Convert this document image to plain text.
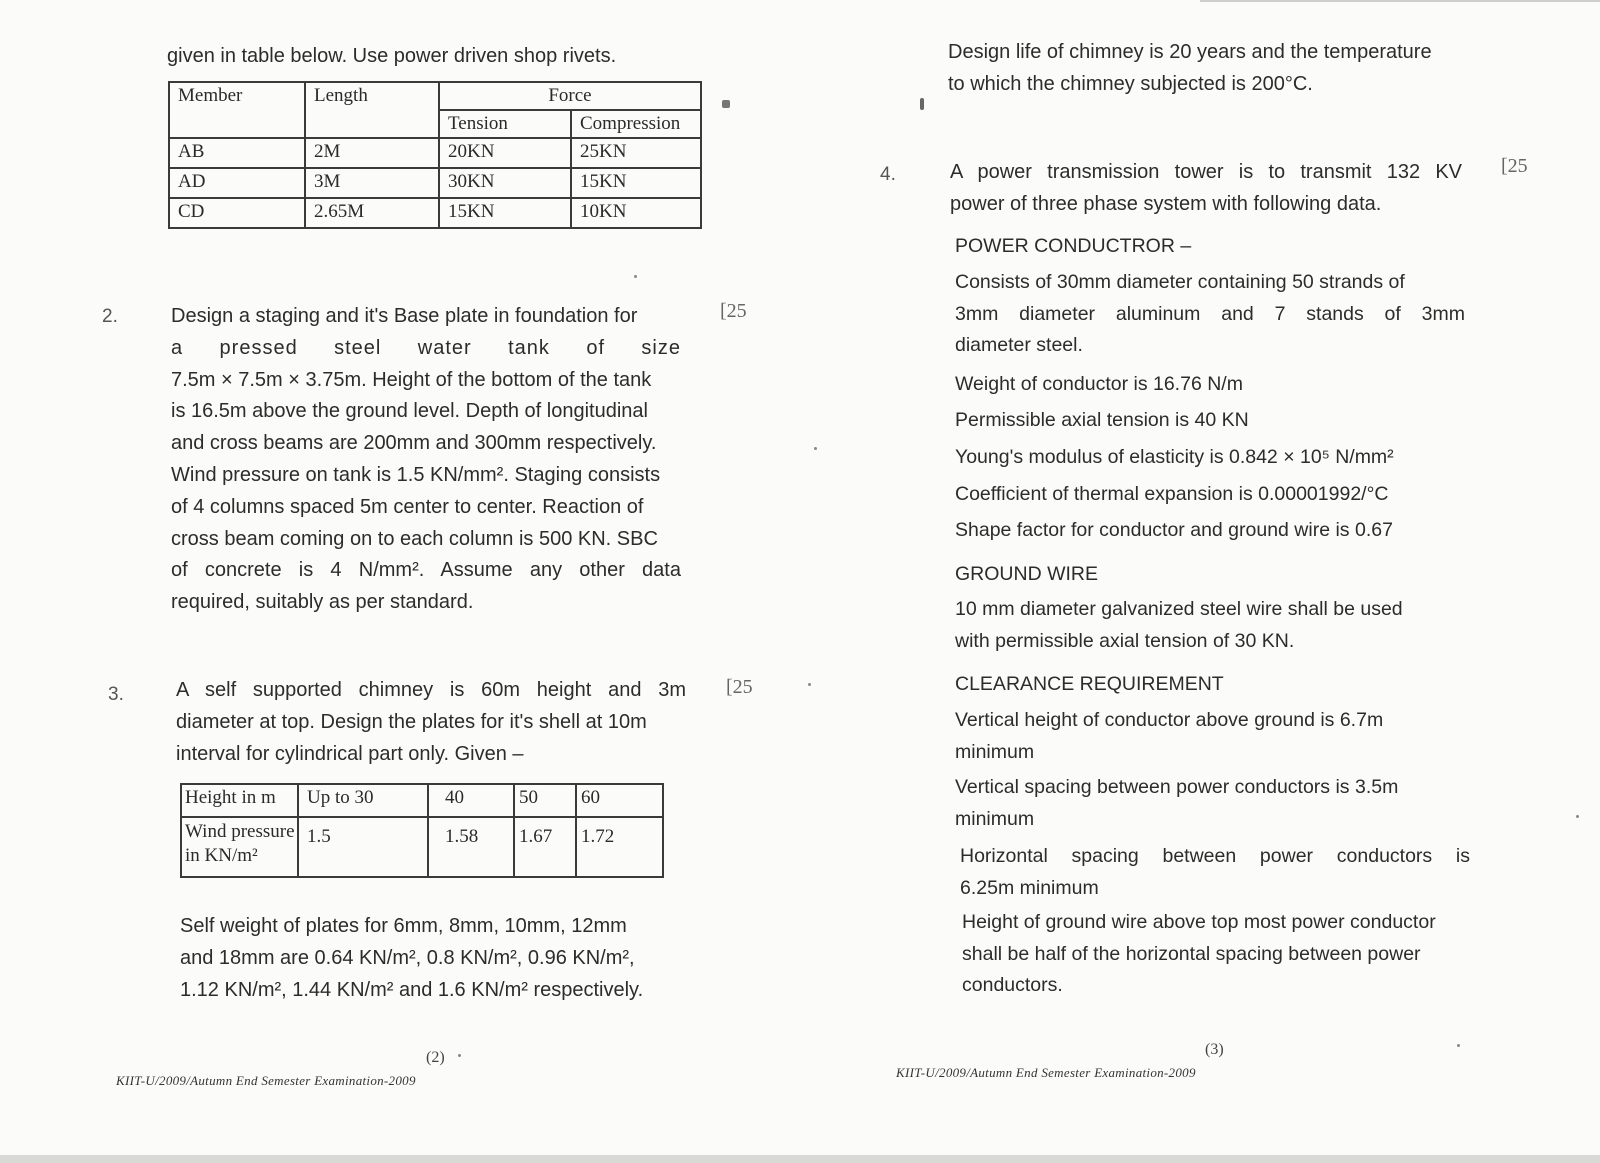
given in table below. Use power driven shop rivets.
Member	Length	Force	
		Tension	Compression
AB	2M	20KN	25KN
AD	3M	30KN	15KN
CD	2.65M	15KN	10KN
2.	[25
Design a staging and it's Base plate in foundation for
a pressed steel water tank of size
7.5m × 7.5m × 3.75m. Height of the bottom of the tank
is 16.5m above the ground level. Depth of longitudinal
and cross beams are 200mm and 300mm respectively.
Wind pressure on tank is 1.5 KN/mm². Staging consists
of 4 columns spaced 5m center to center. Reaction of
cross beam coming on to each column is 500 KN. SBC
of concrete is 4 N/mm². Assume any other data
required, suitably as per standard.
3.	[25
A self supported chimney is 60m height and 3m
diameter at top. Design the plates for it's shell at 10m
interval for cylindrical part only. Given –
Height in m	Up to 30	40	50	60

Wind pressure
in KN/m²	1.5	1.58	1.67	1.72
Self weight of plates for 6mm, 8mm, 10mm, 12mm
and 18mm are 0.64 KN/m², 0.8 KN/m², 0.96 KN/m²,
1.12 KN/m², 1.44 KN/m² and 1.6 KN/m² respectively.
(2)
KIIT-U/2009/Autumn End Semester Examination-2009
Design life of chimney is 20 years and the temperature
to which the chimney subjected is 200°C.
4.	[25
A power transmission tower is to transmit 132 KV
power of three phase system with following data.
POWER CONDUCTROR –
Consists of 30mm diameter containing 50 strands of
3mm diameter aluminum and 7 stands of 3mm
diameter steel.
Weight of conductor is 16.76 N/m
Permissible axial tension is 40 KN
Young's modulus of elasticity is 0.842 × 10⁵ N/mm²
Coefficient of thermal expansion is 0.00001992/°C
Shape factor for conductor and ground wire is 0.67
GROUND WIRE
10 mm diameter galvanized steel wire shall be used
with permissible axial tension of 30 KN.
CLEARANCE REQUIREMENT
Vertical height of conductor above ground is 6.7m
minimum
Vertical spacing between power conductors is 3.5m
minimum
Horizontal spacing between power conductors is
6.25m minimum
Height of ground wire above top most power conductor
shall be half of the horizontal spacing between power
conductors.
(3)
KIIT-U/2009/Autumn End Semester Examination-2009
